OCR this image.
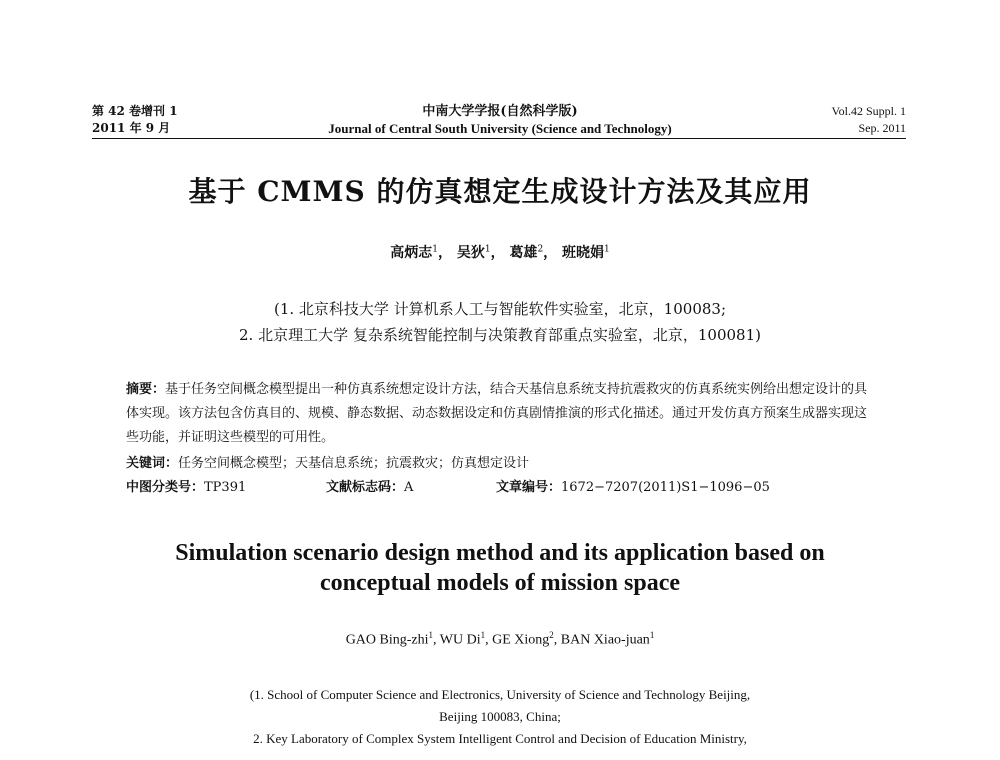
第 42 卷增刊 1
2011 年 9 月
中南大学学报(自然科学版)
Journal of Central South University (Science and Technology)
Vol.42 Suppl. 1
Sep. 2011
基于 CMMS 的仿真想定生成设计方法及其应用
高炳志$^1$， 吴狄$^1$， 葛雄$^2$， 班晓娟$^1$
(1. 北京科技大学 计算机系人工与智能软件实验室，北京，100083;
2. 北京理工大学 复杂系统智能控制与决策教育部重点实验室，北京，100081)
摘要：基于任务空间概念模型提出一种仿真系统想定设计方法，结合天基信息系统支持抗震救灾的仿真系统实例给出想定设计的具体实现。该方法包含仿真目的、规模、静态数据、动态数据设定和仿真剧情推演的形式化描述。通过开发仿真方预案生成器实现这些功能，并证明这些模型的可用性。
关键词：任务空间概念模型；天基信息系统；抗震救灾；仿真想定设计
中图分类号：TP391	文献标志码：A	文章编号：1672−7207(2011)S1−1096−05
Simulation scenario design method and its application based on
conceptual models of mission space
GAO Bing-zhi$^1$, WU Di$^1$, GE Xiong$^2$, BAN Xiao-juan$^1$
(1. School of Computer Science and Electronics, University of Science and Technology Beijing,
Beijing 100083, China;
2. Key Laboratory of Complex System Intelligent Control and Decision of Education Ministry,
